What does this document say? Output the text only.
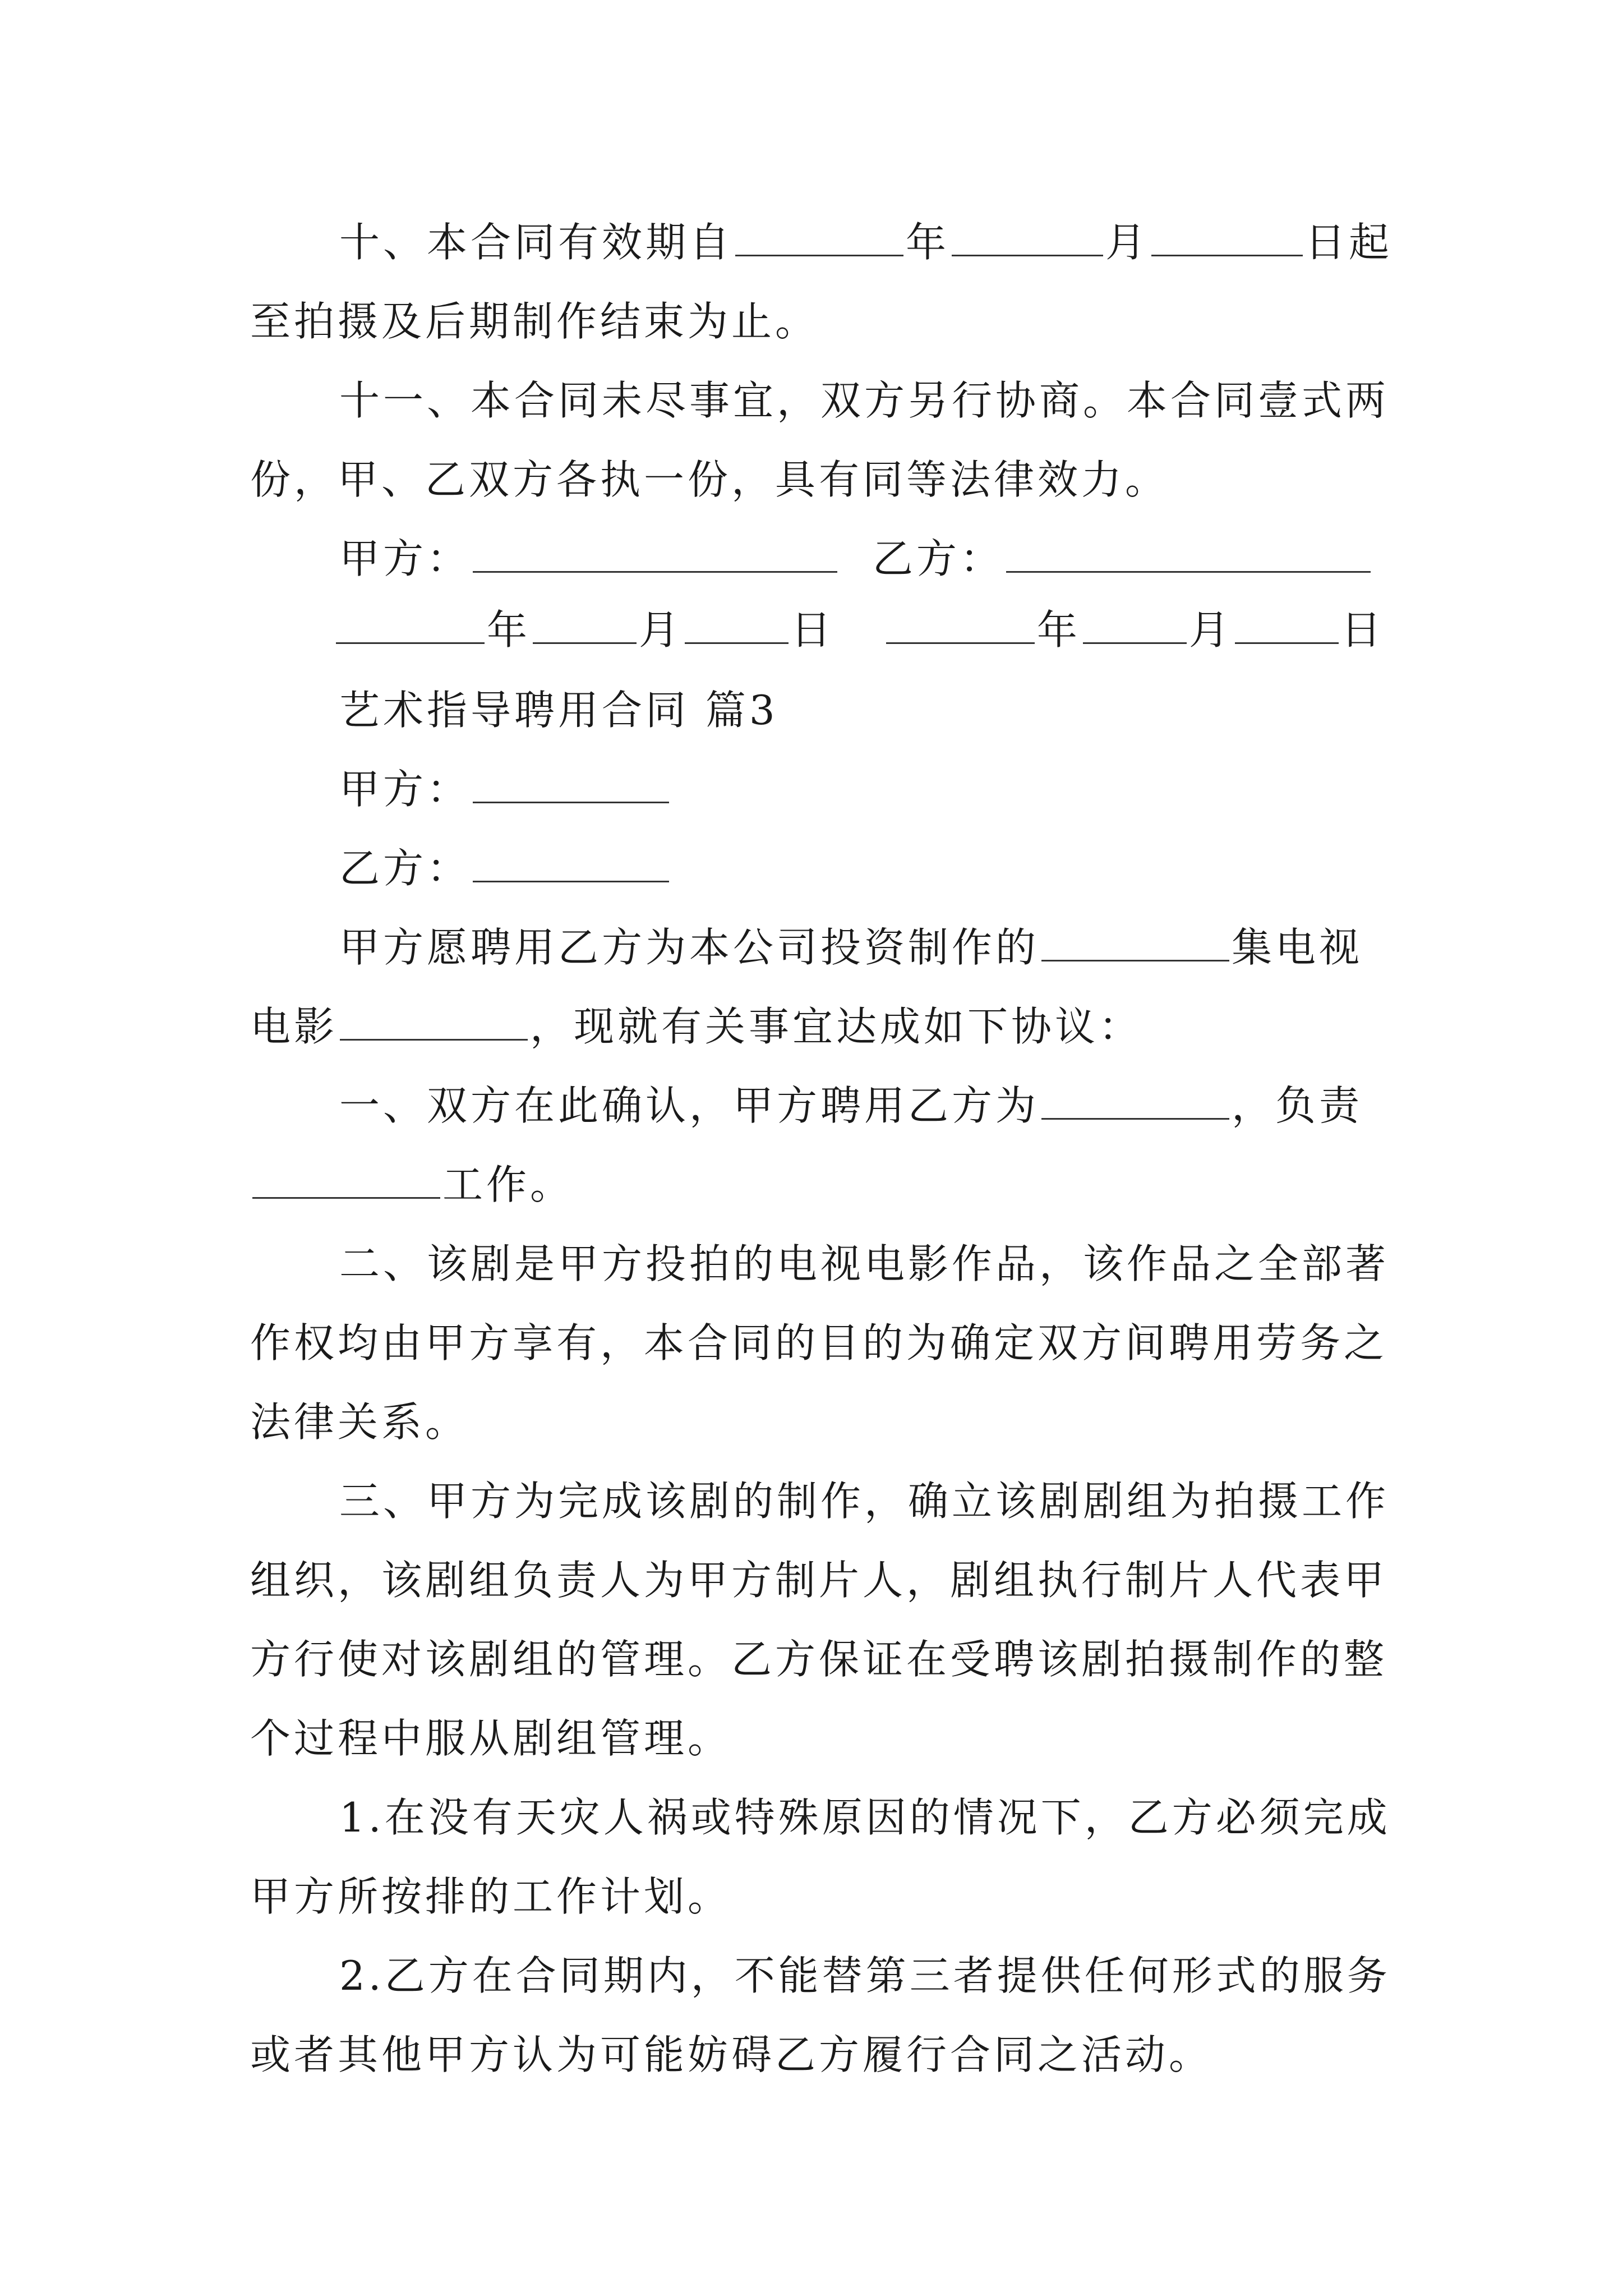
十、本合同有效期自	年	月	日起
至拍摄及后期制作结束为止。
十一、本合同未尽事宜，双方另行协商。本合同壹式两
份，甲、乙双方各执一份，具有同等法律效力。
甲方：	乙方：
年	月	日	年	月	日
艺术指导聘用合同 篇3
甲方：
乙方：
甲方愿聘用乙方为本公司投资制作的	集电视
电影	，现就有关事宜达成如下协议：
一、双方在此确认，甲方聘用乙方为	，负责
工作。
二、该剧是甲方投拍的电视电影作品，该作品之全部著
作权均由甲方享有，本合同的目的为确定双方间聘用劳务之
法律关系。
三、甲方为完成该剧的制作，确立该剧剧组为拍摄工作
组织，该剧组负责人为甲方制片人，剧组执行制片人代表甲
方行使对该剧组的管理。乙方保证在受聘该剧拍摄制作的整
个过程中服从剧组管理。
1.在没有天灾人祸或特殊原因的情况下，乙方必须完成
甲方所按排的工作计划。
2.乙方在合同期内，不能替第三者提供任何形式的服务
或者其他甲方认为可能妨碍乙方履行合同之活动。
